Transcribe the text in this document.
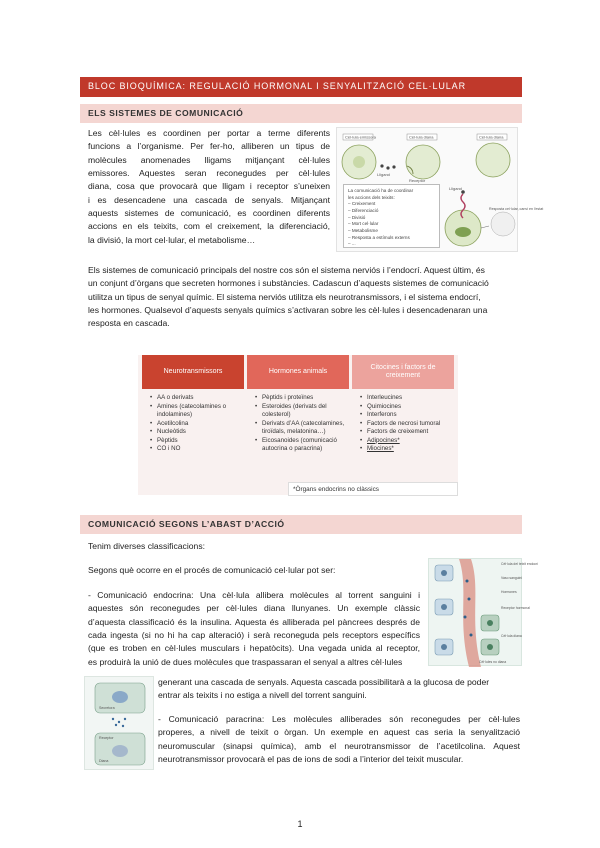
BLOC BIOQUÍMICA: REGULACIÓ HORMONAL I SENYALITZACIÓ CEL·LULAR
ELS SISTEMES DE COMUNICACIÓ
Les cèl·lules es coordinen per portar a terme diferents
funcions a l’organisme. Per fer-ho, alliberen un tipus de
molècules anomenades lligams mitjançant cèl·lules
emissores. Aquestes seran reconegudes per cèl·lules
diana, cosa que provocarà que lligam i receptor s’uneixen
i es desencadene una cascada de senyals. Mitjançant
aquests sistemes de comunicació, es coordinen diferents
accions en els teixits, com el creixement, la diferenciació,
la divisió, la mort cel·lular, el metabolisme…
Cèl·lula emissora
Lligand
Cèl·lula diana
Receptor
Cèl·lula diana
Lligand
Resposta cel·lular, canvi en l'estat
La comunicació ha de coordinar
les accions dels teixits:
– Creixement
– Diferenciació
– Divisió
– Mort cel·lular
– Metabolisme
– Resposta a estímuls externs
– ...
Els sistemes de comunicació principals del nostre cos són el sistema nerviós i l’endocrí. Aquest últim, és
un conjunt d’òrgans que secreten hormones i substàncies. Cadascun d’aquests sistemes de comunicació
utilitza un tipus de senyal químic. El sistema nerviós utilitza els neurotransmissors, i el sistema endocrí,
les hormones. Qualsevol d’aquests senyals químics s’activaran sobre les cèl·lules i desencadenaran una
resposta en cascada.
Neurotransmissors
• AA o derivats
• Amines (catecolamines o indolamines)
• Acetilcolina
• Nucleòtids
• Pèptids
• CO i NO
Hormones animals
• Pèptids i proteïnes
• Esteroides (derivats del colesterol)
• Derivats d’AA (catecolamines, tiroïdals, melatonina…)
• Eicosanoides (comunicació autocrina o paracrina)
Citocines i factors de creixement
• Interleucines
• Quimiocines
• Interferons
• Factors de necrosi tumoral
• Factors de creixement
• Adipocines*
• Miocines*
*Òrgans endocrins no clàssics
COMUNICACIÓ SEGONS L’ABAST D’ACCIÓ
Tenim diverses classificacions:
Segons què ocorre en el procés de comunicació cel·lular pot ser:
- Comunicació endocrina: Una cèl·lula allibera molècules al torrent sanguini i
aquestes són reconegudes per cèl·lules diana llunyanes. Un exemple clàssic
d’aquesta classificació és la insulina. Aquesta és alliberada pel pàncrees després de
cada ingesta (si no hi ha cap alteració) i serà reconeguda pels receptors específics
(que es troben en cèl·lules musculars i hepatòcits). Una vegada unida al receptor,
es produirà la unió de dues molècules que traspassaran el senyal a altres cèl·lules
generant una cascada de senyals. Aquesta cascada possibilitarà a la glucosa de poder
entrar als teixits i no estiga a nivell del torrent sanguini.
Cèl·lula del teixit endocrí
Vaso sanguini
Hormones
Receptor hormonal
Cèl·lules no diana
Cèl·lula diana
Secretora
Receptor
Diana
- Comunicació paracrina: Les molècules alliberades són reconegudes per cèl·lules
properes, a nivell de teixit o òrgan. Un exemple en aquest cas seria la senyalització
neuromuscular (sinapsi química), amb el neurotransmissor de l’acetilcolina. Aquest
neurotransmissor provocarà el pas de ions de sodi a l’interior del teixit muscular.
1
